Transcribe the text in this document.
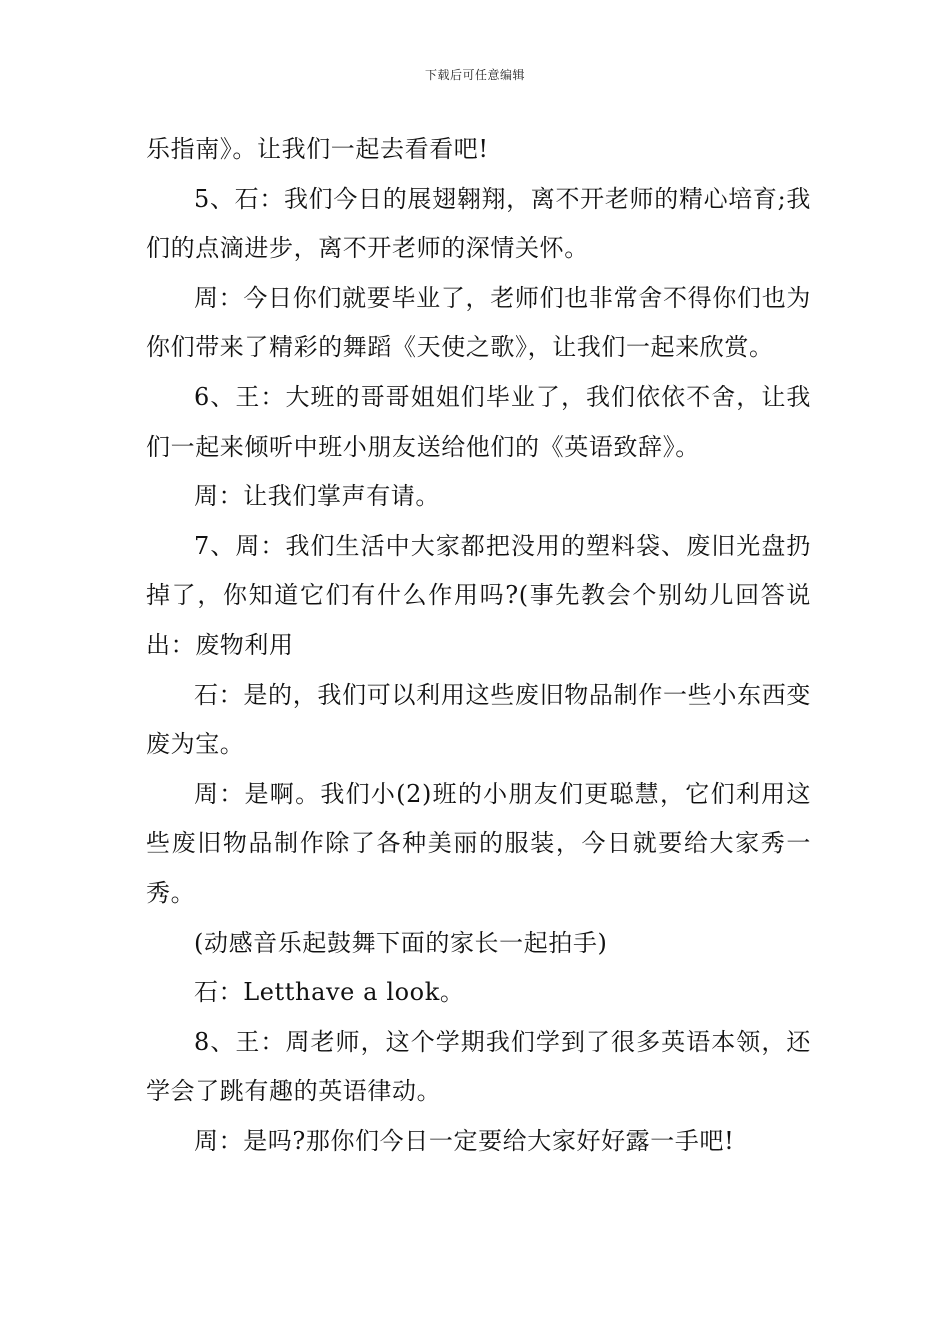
下载后可任意编辑

乐指南》。让我们一起去看看吧!

5、石：我们今日的展翅翱翔，离不开老师的精心培育;我们的点滴进步，离不开老师的深情关怀。

周：今日你们就要毕业了，老师们也非常舍不得你们也为你们带来了精彩的舞蹈《天使之歌》，让我们一起来欣赏。

6、王：大班的哥哥姐姐们毕业了，我们依依不舍，让我们一起来倾听中班小朋友送给他们的《英语致辞》。

周：让我们掌声有请。

7、周：我们生活中大家都把没用的塑料袋、废旧光盘扔掉了，你知道它们有什么作用吗?(事先教会个别幼儿回答说出：废物利用

石：是的，我们可以利用这些废旧物品制作一些小东西变废为宝。

周：是啊。我们小(2)班的小朋友们更聪慧，它们利用这些废旧物品制作除了各种美丽的服装，今日就要给大家秀一秀。

(动感音乐起鼓舞下面的家长一起拍手)

石：Letthave a look。

8、王：周老师，这个学期我们学到了很多英语本领，还学会了跳有趣的英语律动。

周：是吗?那你们今日一定要给大家好好露一手吧!
